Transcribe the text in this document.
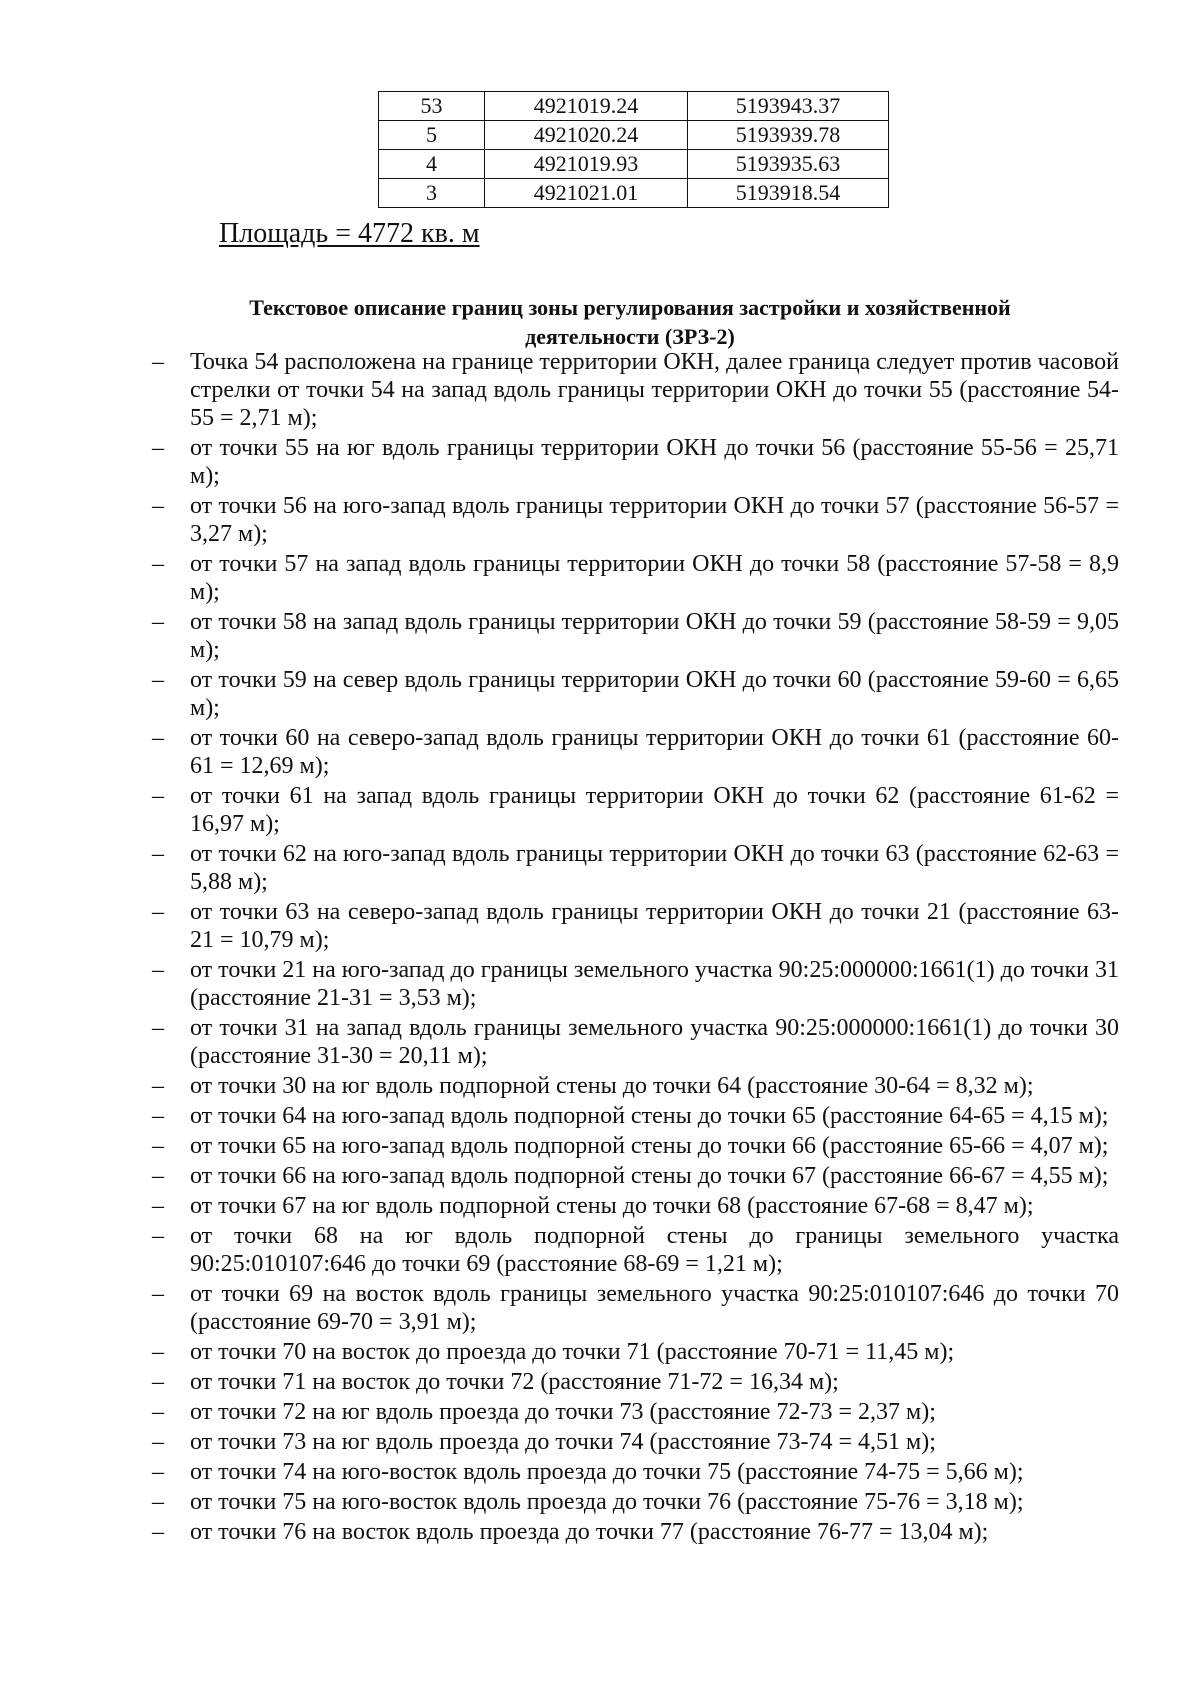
53	4921019.24	5193943.37
5	4921020.24	5193939.78
4	4921019.93	5193935.63
3	4921021.01	5193918.54
Площадь = 4772 кв. м
Текстовое описание границ зоны регулирования застройки и хозяйственной
деятельности (ЗРЗ-2)
– Точка 54 расположена на границе территории ОКН, далее граница следует против часовой стрелки от точки 54 на запад вдоль границы территории ОКН до точки 55 (расстояние 54-55 = 2,71 м);
– от точки 55 на юг вдоль границы территории ОКН до точки 56 (расстояние 55-56 = 25,71 м);
– от точки 56 на юго-запад вдоль границы территории ОКН до точки 57 (расстояние 56-57 = 3,27 м);
– от точки 57 на запад вдоль границы территории ОКН до точки 58 (расстояние 57-58 = 8,9 м);
– от точки 58 на запад вдоль границы территории ОКН до точки 59 (расстояние 58-59 = 9,05 м);
– от точки 59 на север вдоль границы территории ОКН до точки 60 (расстояние 59-60 = 6,65 м);
– от точки 60 на северо-запад вдоль границы территории ОКН до точки 61 (расстояние 60-61 = 12,69 м);
– от точки 61 на запад вдоль границы территории ОКН до точки 62 (расстояние 61-62 = 16,97 м);
– от точки 62 на юго-запад вдоль границы территории ОКН до точки 63 (расстояние 62-63 = 5,88 м);
– от точки 63 на северо-запад вдоль границы территории ОКН до точки 21 (расстояние 63-21 = 10,79 м);
– от точки 21 на юго-запад до границы земельного участка 90:25:000000:1661(1) до точки 31 (расстояние 21-31 = 3,53 м);
– от точки 31 на запад вдоль границы земельного участка 90:25:000000:1661(1) до точки 30 (расстояние 31-30 = 20,11 м);
– от точки 30 на юг вдоль подпорной стены до точки 64 (расстояние 30-64 = 8,32 м);
– от точки 64 на юго-запад вдоль подпорной стены до точки 65 (расстояние 64-65 = 4,15 м);
– от точки 65 на юго-запад вдоль подпорной стены до точки 66 (расстояние 65-66 = 4,07 м);
– от точки 66 на юго-запад вдоль подпорной стены до точки 67 (расстояние 66-67 = 4,55 м);
– от точки 67 на юг вдоль подпорной стены до точки 68 (расстояние 67-68 = 8,47 м);
– от точки 68 на юг вдоль подпорной стены до границы земельного участка 90:25:010107:646 до точки 69 (расстояние 68-69 = 1,21 м);
– от точки 69 на восток вдоль границы земельного участка 90:25:010107:646 до точки 70 (расстояние 69-70 = 3,91 м);
– от точки 70 на восток до проезда до точки 71 (расстояние 70-71 = 11,45 м);
– от точки 71 на восток до точки 72 (расстояние 71-72 = 16,34 м);
– от точки 72 на юг вдоль проезда до точки 73 (расстояние 72-73 = 2,37 м);
– от точки 73 на юг вдоль проезда до точки 74 (расстояние 73-74 = 4,51 м);
– от точки 74 на юго-восток вдоль проезда до точки 75 (расстояние 74-75 = 5,66 м);
– от точки 75 на юго-восток вдоль проезда до точки 76 (расстояние 75-76 = 3,18 м);
– от точки 76 на восток вдоль проезда до точки 77 (расстояние 76-77 = 13,04 м);
